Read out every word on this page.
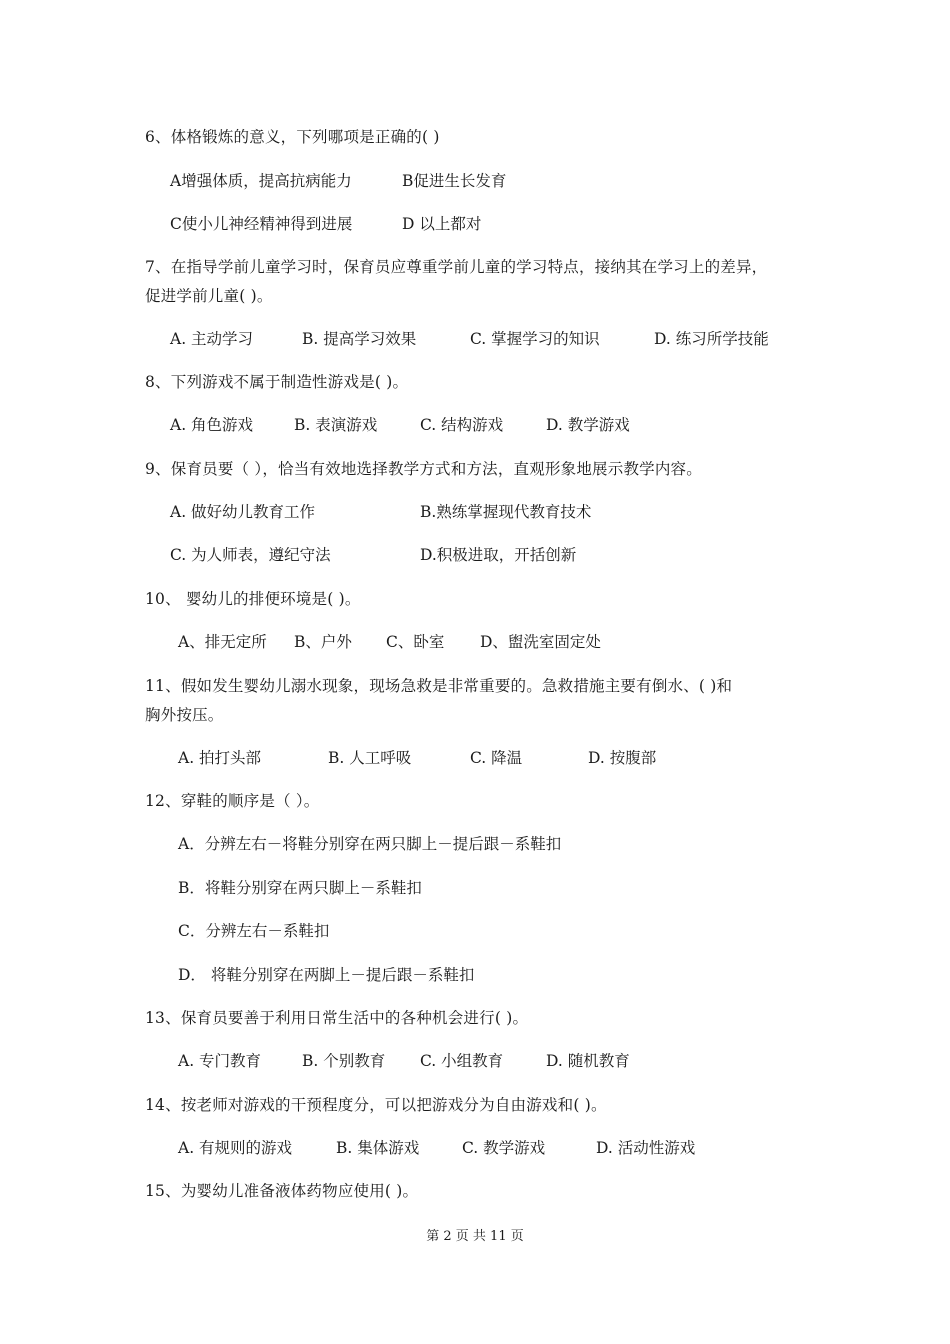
6、体格锻炼的意义，下列哪项是正确的( )
A增强体质，提高抗病能力	B促进生长发育
C使小儿神经精神得到进展	D 以上都对
7、在指导学前儿童学习时，保育员应尊重学前儿童的学习特点，接纳其在学习上的差异，
促进学前儿童( )。
A. 主动学习	B. 提高学习效果	C. 掌握学习的知识	D. 练习所学技能
8、下列游戏不属于制造性游戏是( )。
A. 角色游戏	B. 表演游戏	C. 结构游戏	D. 教学游戏
9、保育员要（ ），恰当有效地选择教学方式和方法，直观形象地展示教学内容。
A. 做好幼儿教育工作	B.熟练掌握现代教育技术
C. 为人师表，遵纪守法	D.积极进取，开括创新
10、 婴幼儿的排便环境是( )。
A、排无定所 B、户外 C、卧室 D、盥洗室固定处
11、假如发生婴幼儿溺水现象，现场急救是非常重要的。急救措施主要有倒水、( )和
胸外按压。
A. 拍打头部	B. 人工呼吸	C. 降温	D. 按腹部
12、穿鞋的顺序是（ ）。
A．分辨左右－将鞋分别穿在两只脚上－提后跟－系鞋扣
B．将鞋分别穿在两只脚上－系鞋扣
C．分辨左右－系鞋扣
D． 将鞋分别穿在两脚上－提后跟－系鞋扣
13、保育员要善于利用日常生活中的各种机会进行( )。
A. 专门教育	B. 个别教育 C. 小组教育	D. 随机教育
14、按老师对游戏的干预程度分，可以把游戏分为自由游戏和( )。
A. 有规则的游戏	B. 集体游戏	C. 教学游戏	D. 活动性游戏
15、为婴幼儿准备液体药物应使用( )。
第 2 页 共 11 页
